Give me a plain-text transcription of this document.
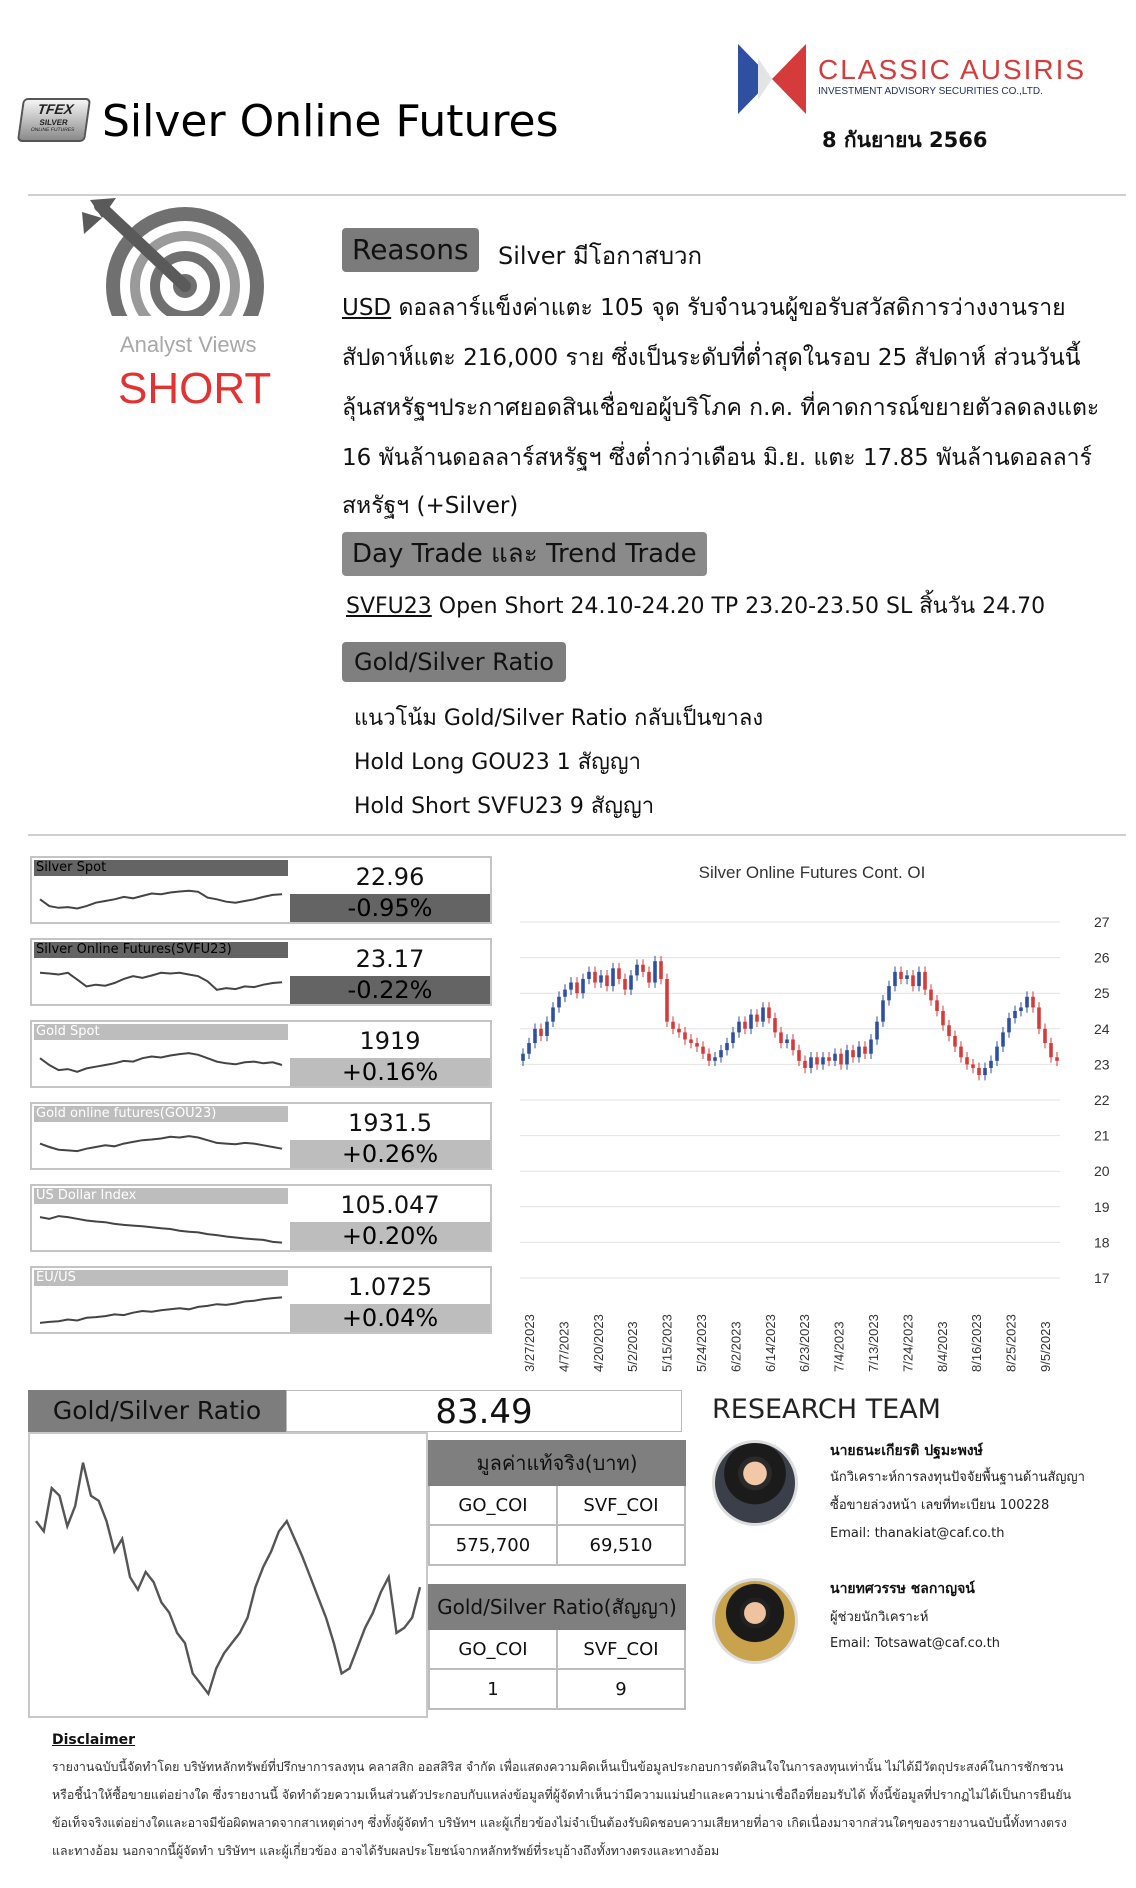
TFEX
SILVER
ONLINE FUTURES Silver Online Futures
CLASSIC AUSIRIS
INVESTMENT ADVISORY SECURITIES CO.,LTD.
8 กันยายน 2566
Analyst Views
SHORT
Reasons	Silver มีโอกาสบวก
USD ดอลลาร์แข็งค่าแตะ 105 จุด รับจำนวนผู้ขอรับสวัสดิการว่างงานราย
สัปดาห์แตะ 216,000 ราย ซึ่งเป็นระดับที่ต่ำสุดในรอบ 25 สัปดาห์ ส่วนวันนี้
ลุ้นสหรัฐฯประกาศยอดสินเชื่อขอผู้บริโภค ก.ค. ที่คาดการณ์ขยายตัวลดลงแตะ
16 พันล้านดอลลาร์สหรัฐฯ ซึ่งต่ำกว่าเดือน มิ.ย. แตะ 17.85 พันล้านดอลลาร์
สหรัฐฯ (+Silver)
Day Trade และ Trend Trade
SVFU23 Open Short 24.10-24.20 TP 23.20-23.50 SL สิ้นวัน 24.70
Gold/Silver Ratio
แนวโน้ม Gold/Silver Ratio กลับเป็นขาลง
Hold Long GOU23 1 สัญญา
Hold Short SVFU23 9 สัญญา
Silver Spot	22.96
-0.95%
Silver Online Futures(SVFU23)	23.17
-0.22%
Gold Spot	1919
+0.16%
Gold online futures(GOU23)	1931.5
+0.26%
US Dollar Index	105.047
+0.20%
EU/US	1.0725
+0.04%
Silver Online Futures Cont. OI
27
26
25
24
23
22
21
20
19
18
17
3/27/2023 4/7/2023 4/20/2023 5/2/2023 5/15/2023 5/24/2023 6/2/2023 6/14/2023 6/23/2023 7/4/2023 7/13/2023 7/24/2023 8/4/2023 8/16/2023 8/25/2023 9/5/2023
Gold/Silver Ratio	83.49	RESEARCH TEAM
มูลค่าแท้จริง(บาท)	
GO_COI	SVF_COI
575,700	69,510
Gold/Silver Ratio(สัญญา)	
GO_COI	SVF_COI
1	9
นายธนะเกียรติ ปฐมะพงษ์
นักวิเคราะห์การลงทุนปัจจัยพื้นฐานด้านสัญญา
ซื้อขายล่วงหน้า เลขที่ทะเบียน 100228
Email: thanakiat@caf.co.th
นายทศวรรษ ชลกาญจน์
ผู้ช่วยนักวิเคราะห์
Email: Totsawat@caf.co.th
Disclaimer
รายงานฉบับนี้จัดทำโดย บริษัทหลักทรัพย์ที่ปรึกษาการลงทุน คลาสสิก ออสสิริส จำกัด เพื่อแสดงความคิดเห็นเป็นข้อมูลประกอบการตัดสินใจในการลงทุนเท่านั้น ไม่ได้มีวัตถุประสงค์ในการชักชวน
หรือชี้นำให้ซื้อขายแต่อย่างใด ซึ่งรายงานนี้ จัดทำด้วยความเห็นส่วนตัวประกอบกับแหล่งข้อมูลที่ผู้จัดทำเห็นว่ามีความแม่นยำและความน่าเชื่อถือที่ยอมรับได้ ทั้งนี้ข้อมูลที่ปรากฏไม่ได้เป็นการยืนยัน
ข้อเท็จจริงแต่อย่างใดและอาจมีข้อผิดพลาดจากสาเหตุต่างๆ ซึ่งทั้งผู้จัดทำ บริษัทฯ และผู้เกี่ยวข้องไม่จำเป็นต้องรับผิดชอบความเสียหายที่อาจ เกิดเนื่องมาจากส่วนใดๆของรายงานฉบับนี้ทั้งทางตรง
และทางอ้อม นอกจากนี้ผู้จัดทำ บริษัทฯ และผู้เกี่ยวข้อง อาจได้รับผลประโยชน์จากหลักทรัพย์ที่ระบุอ้างถึงทั้งทางตรงและทางอ้อม
